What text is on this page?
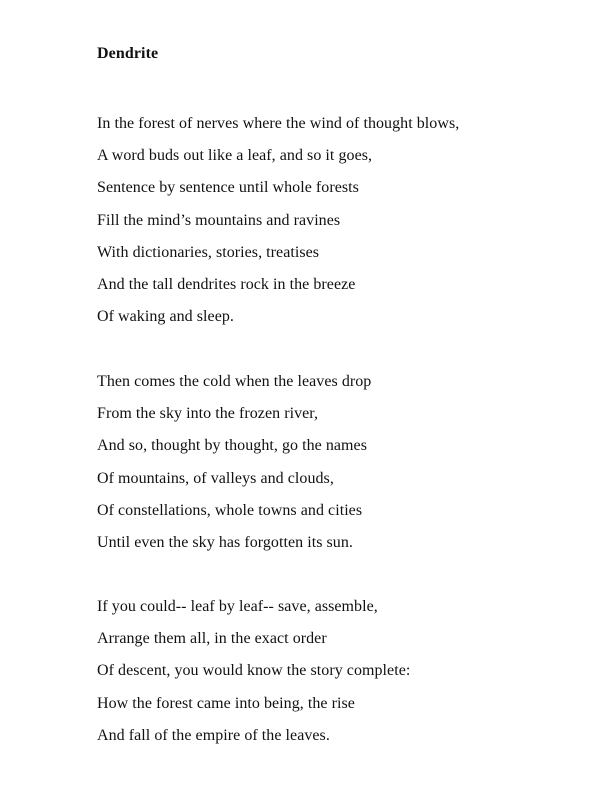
Dendrite
In the forest of nerves where the wind of thought blows,
A word buds out like a leaf, and so it goes,
Sentence by sentence until whole forests
Fill the mind’s mountains and ravines
With dictionaries, stories, treatises
And the tall dendrites rock in the breeze
Of waking and sleep.
Then comes the cold when the leaves drop
From the sky into the frozen river,
And so, thought by thought, go the names
Of mountains, of valleys and clouds,
Of constellations, whole towns and cities
Until even the sky has forgotten its sun.
If you could-- leaf by leaf-- save, assemble,
Arrange them all, in the exact order
Of descent, you would know the story complete:
How the forest came into being, the rise
And fall of the empire of the leaves.
